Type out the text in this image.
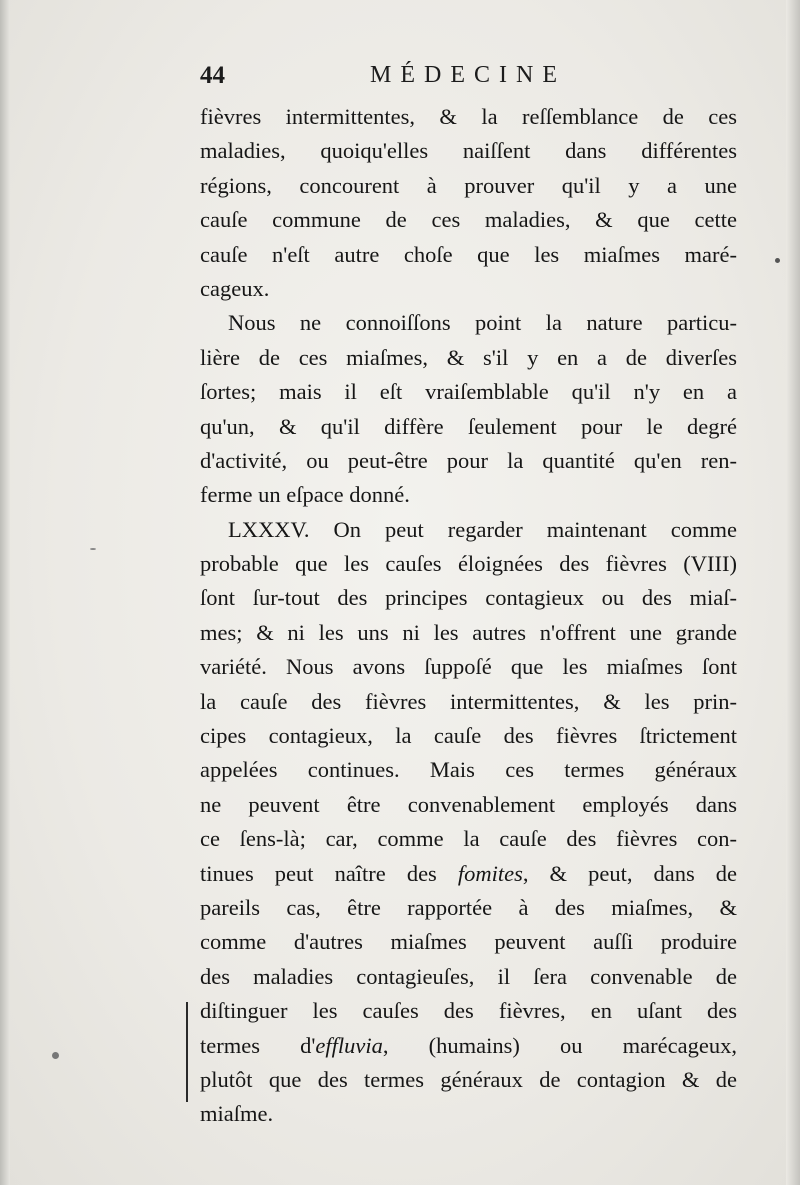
44	MÉDECINE
fièvres intermittentes, & la reſſemblance de ces
maladies, quoiqu'elles naiſſent dans différentes
régions, concourent à prouver qu'il y a une
cauſe commune de ces maladies, & que cette
cauſe n'eſt autre choſe que les miaſmes maré-
cageux.
Nous ne connoiſſons point la nature particu-
lière de ces miaſmes, & s'il y en a de diverſes
ſortes; mais il eſt vraiſemblable qu'il n'y en a
qu'un, & qu'il diffère ſeulement pour le degré
d'activité, ou peut-être pour la quantité qu'en ren-
ferme un eſpace donné.
LXXXV. On peut regarder maintenant comme
probable que les cauſes éloignées des fièvres (VIII)
ſont ſur-tout des principes contagieux ou des miaſ-
mes; & ni les uns ni les autres n'offrent une grande
variété. Nous avons ſuppoſé que les miaſmes ſont
la cauſe des fièvres intermittentes, & les prin-
cipes contagieux, la cauſe des fièvres ſtrictement
appelées continues. Mais ces termes généraux
ne peuvent être convenablement employés dans
ce ſens-là; car, comme la cauſe des fièvres con-
tinues peut naître des fomites, & peut, dans de
pareils cas, être rapportée à des miaſmes, &
comme d'autres miaſmes peuvent auſſi produire
des maladies contagieuſes, il ſera convenable de
diſtinguer les cauſes des fièvres, en uſant des
termes d'effluvia, (humains) ou marécageux,
plutôt que des termes généraux de contagion & de
miaſme.
